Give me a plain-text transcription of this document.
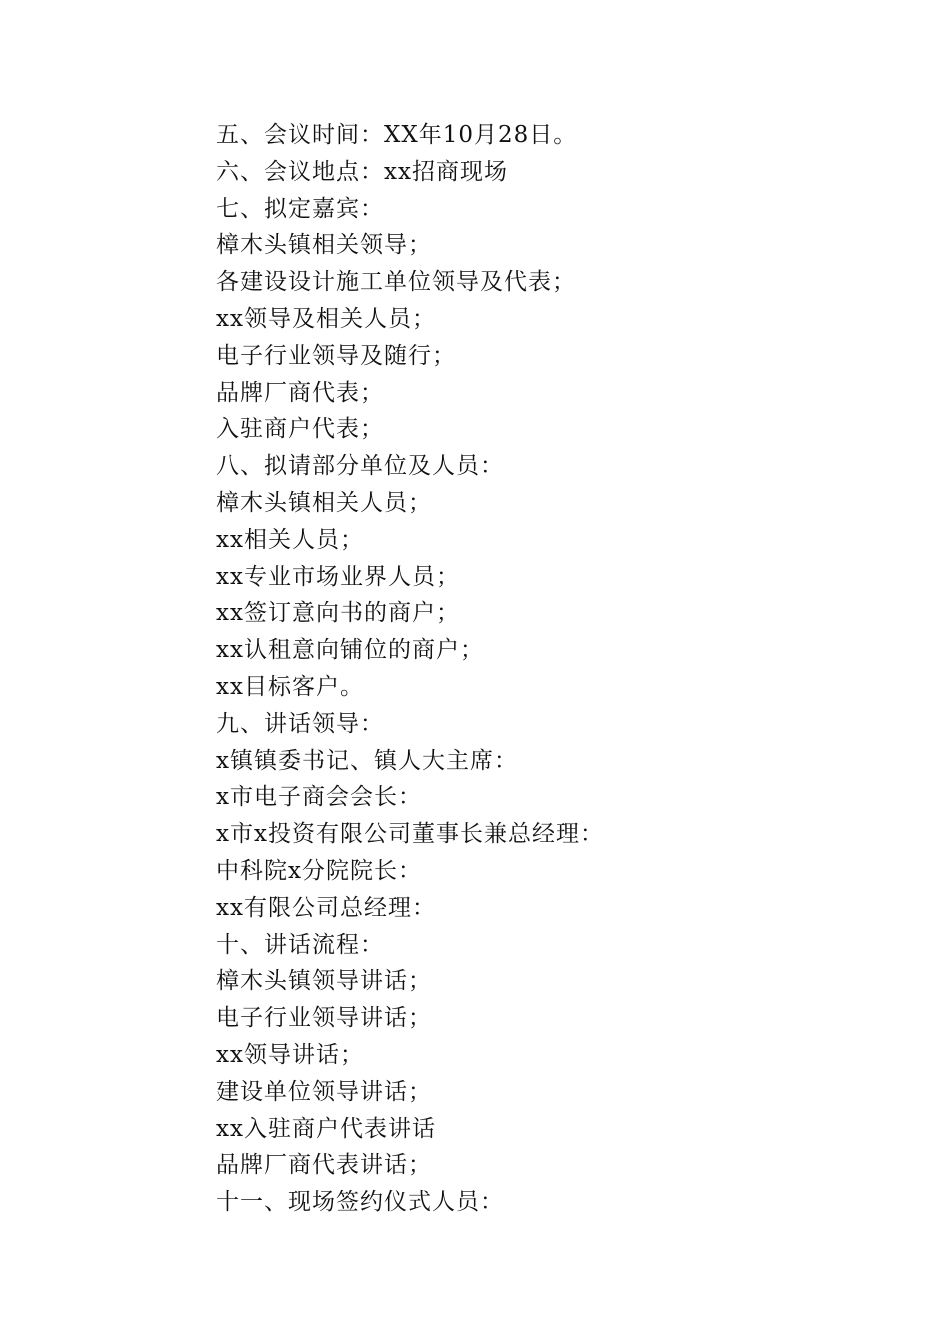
五、会议时间：XX年10月28日。
六、会议地点：xx招商现场
七、拟定嘉宾：
樟木头镇相关领导；
各建设设计施工单位领导及代表；
xx领导及相关人员；
电子行业领导及随行；
品牌厂商代表；
入驻商户代表；
八、拟请部分单位及人员：
樟木头镇相关人员；
xx相关人员；
xx专业市场业界人员；
xx签订意向书的商户；
xx认租意向铺位的商户；
xx目标客户。
九、讲话领导：
x镇镇委书记、镇人大主席：
x市电子商会会长：
x市x投资有限公司董事长兼总经理：
中科院x分院院长：
xx有限公司总经理：
十、讲话流程：
樟木头镇领导讲话；
电子行业领导讲话；
xx领导讲话；
建设单位领导讲话；
xx入驻商户代表讲话
品牌厂商代表讲话；
十一、现场签约仪式人员：
